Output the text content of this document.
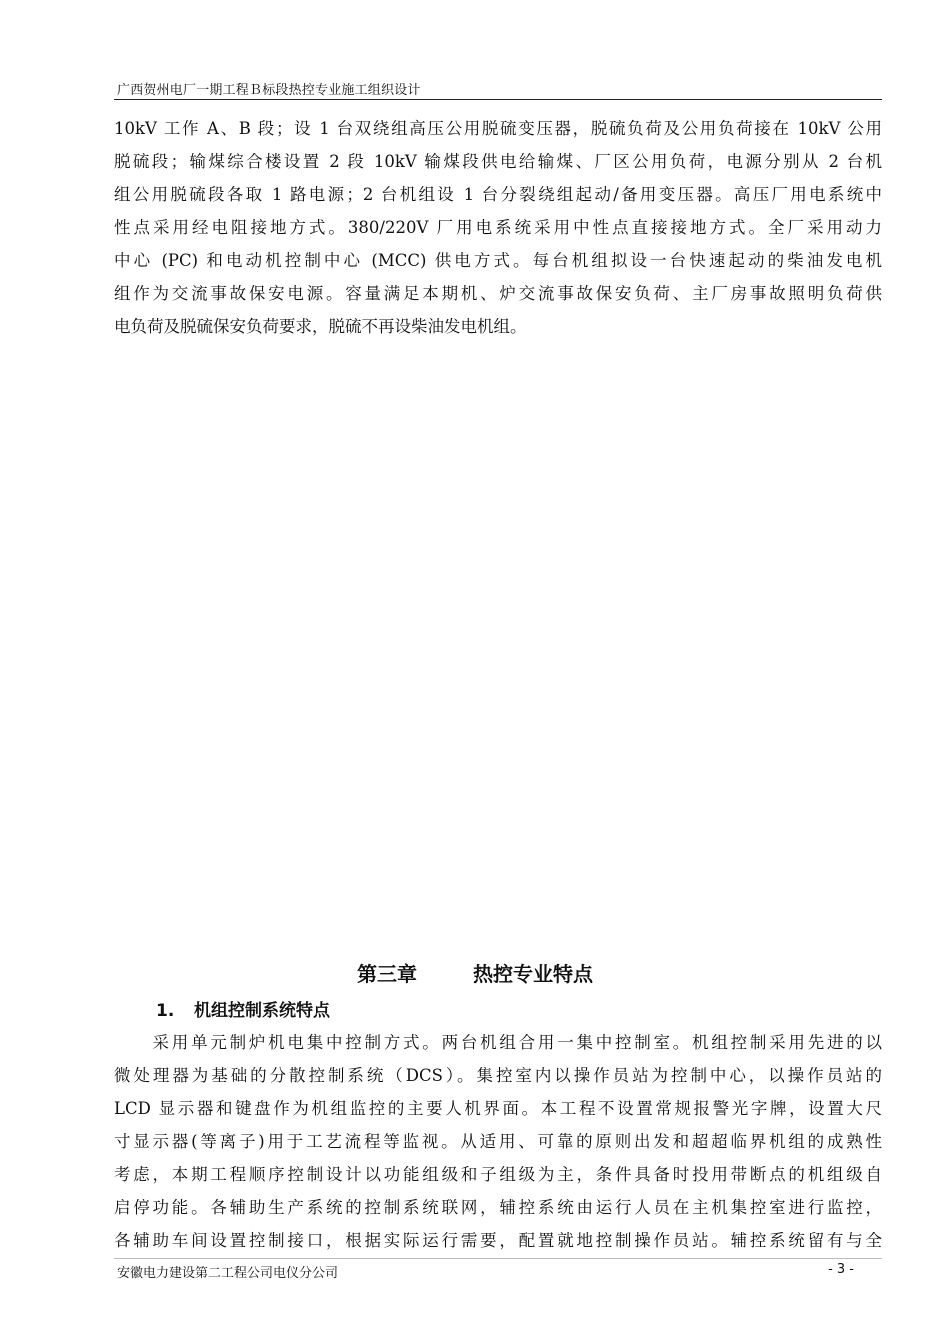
广西贺州电厂一期工程Ｂ标段热控专业施工组织设计
10kV 工作 A、B 段；设 1 台双绕组高压公用脱硫变压器，脱硫负荷及公用负荷接在 10kV 公用
脱硫段；输煤综合楼设置 2 段 10kV 输煤段供电给输煤、厂区公用负荷，电源分别从 2 台机
组公用脱硫段各取 1 路电源；2 台机组设 1 台分裂绕组起动/备用变压器。高压厂用电系统中
性点采用经电阻接地方式。380/220V 厂用电系统采用中性点直接接地方式。全厂采用动力
中心 (PC) 和电动机控制中心 (MCC) 供电方式。每台机组拟设一台快速起动的柴油发电机
组作为交流事故保安电源。容量满足本期机、炉交流事故保安负荷、主厂房事故照明负荷供
电负荷及脱硫保安负荷要求，脱硫不再设柴油发电机组。
第三章	热控专业特点
1. 机组控制系统特点
　　采用单元制炉机电集中控制方式。两台机组合用一集中控制室。机组控制采用先进的以
微处理器为基础的分散控制系统（DCS）。集控室内以操作员站为控制中心，以操作员站的
LCD 显示器和键盘作为机组监控的主要人机界面。本工程不设置常规报警光字牌，设置大尺
寸显示器(等离子)用于工艺流程等监视。从适用、可靠的原则出发和超超临界机组的成熟性
考虑，本期工程顺序控制设计以功能组级和子组级为主，条件具备时投用带断点的机组级自
启停功能。各辅助生产系统的控制系统联网，辅控系统由运行人员在主机集控室进行监控，
各辅助车间设置控制接口，根据实际运行需要，配置就地控制操作员站。辅控系统留有与全
安徽电力建设第二工程公司电仪分公司	- 3 -
